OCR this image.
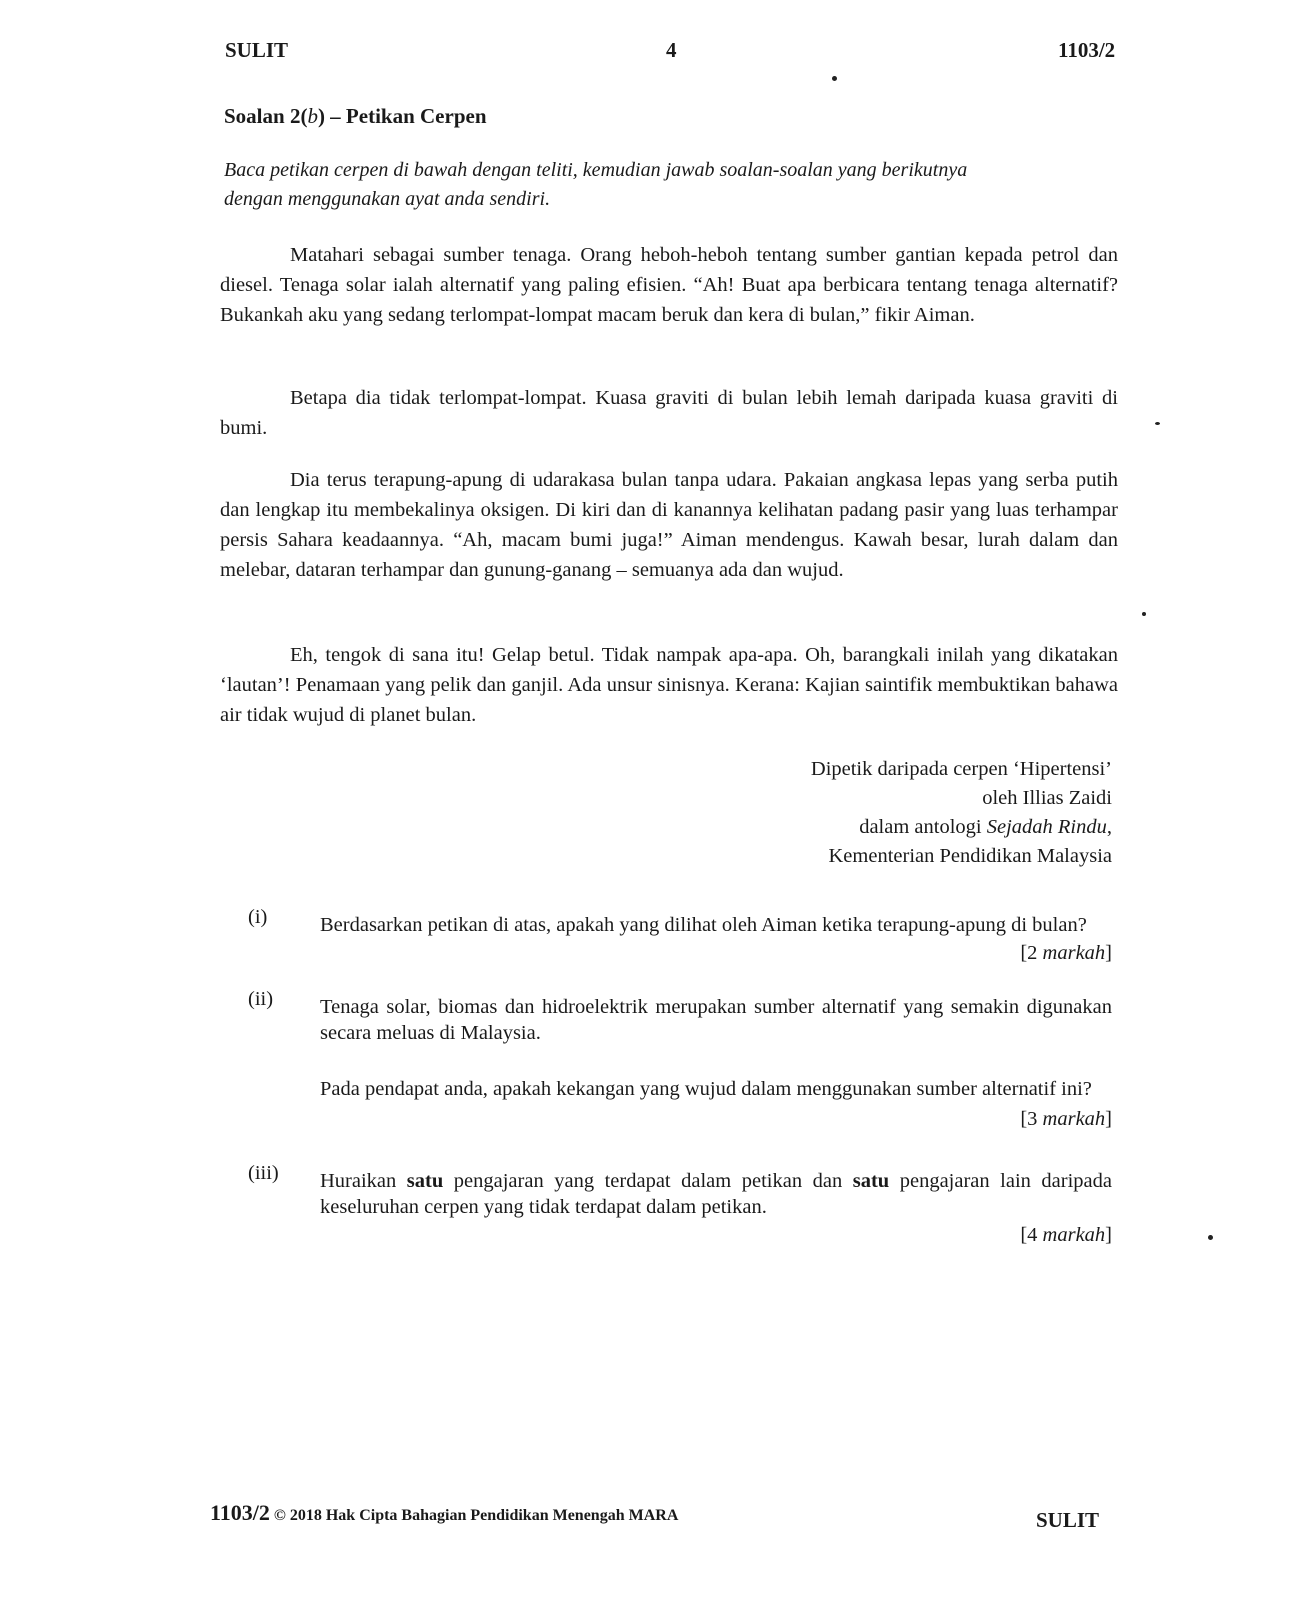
SULIT	4	1103/2
Soalan 2(b) – Petikan Cerpen
Baca petikan cerpen di bawah dengan teliti, kemudian jawab soalan-soalan yang berikutnya
dengan menggunakan ayat anda sendiri.
Matahari sebagai sumber tenaga. Orang heboh-heboh tentang sumber gantian kepada petrol dan diesel. Tenaga solar ialah alternatif yang paling efisien. “Ah! Buat apa berbicara tentang tenaga alternatif? Bukankah aku yang sedang terlompat-lompat macam beruk dan kera di bulan,” fikir Aiman.
Betapa dia tidak terlompat-lompat. Kuasa graviti di bulan lebih lemah daripada kuasa graviti di bumi.
Dia terus terapung-apung di udarakasa bulan tanpa udara. Pakaian angkasa lepas yang serba putih dan lengkap itu membekalinya oksigen. Di kiri dan di kanannya kelihatan padang pasir yang luas terhampar persis Sahara keadaannya. “Ah, macam bumi juga!” Aiman mendengus. Kawah besar, lurah dalam dan melebar, dataran terhampar dan gunung-ganang – semuanya ada dan wujud.
Eh, tengok di sana itu! Gelap betul. Tidak nampak apa-apa. Oh, barangkali inilah yang dikatakan ‘lautan’! Penamaan yang pelik dan ganjil. Ada unsur sinisnya. Kerana: Kajian saintifik membuktikan bahawa air tidak wujud di planet bulan.
Dipetik daripada cerpen ‘Hipertensi’
oleh Illias Zaidi
dalam antologi Sejadah Rindu,
Kementerian Pendidikan Malaysia
(i)	Berdasarkan petikan di atas, apakah yang dilihat oleh Aiman ketika terapung-apung di bulan?
[2 markah]
(ii) Tenaga solar, biomas dan hidroelektrik merupakan sumber alternatif yang semakin digunakan secara meluas di Malaysia.
Pada pendapat anda, apakah kekangan yang wujud dalam menggunakan sumber alternatif ini?
[3 markah]
(iii) Huraikan satu pengajaran yang terdapat dalam petikan dan satu pengajaran lain daripada keseluruhan cerpen yang tidak terdapat dalam petikan.
[4 markah]
1103/2 © 2018 Hak Cipta Bahagian Pendidikan Menengah MARA	SULIT
